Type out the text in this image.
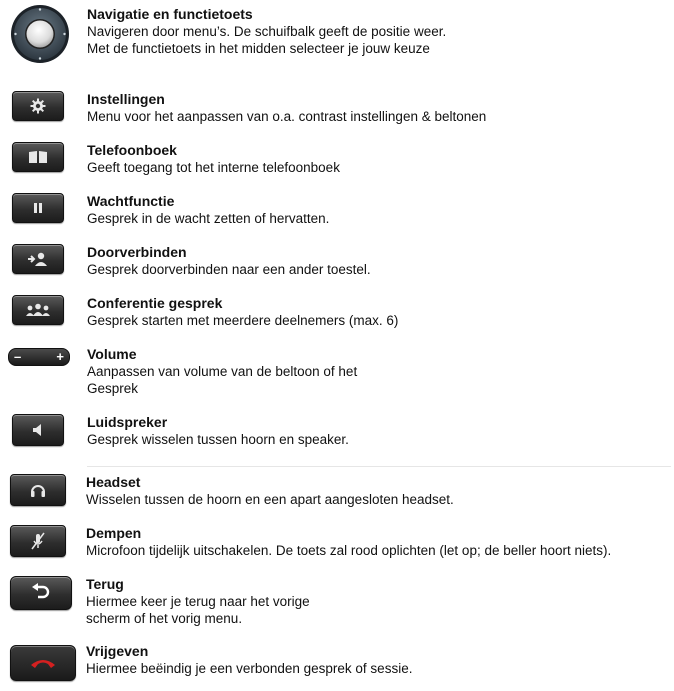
Navigatie en functietoets
Navigeren door menu’s. De schuifbalk geeft de positie weer.
Met de functietoets in het midden selecteer je jouw keuze
Instellingen
Menu voor het aanpassen van o.a. contrast instellingen & beltonen
Telefoonboek
Geeft toegang tot het interne telefoonboek
Wachtfunctie
Gesprek in de wacht zetten of hervatten.
Doorverbinden
Gesprek doorverbinden naar een ander toestel.
Conferentie gesprek
Gesprek starten met meerdere deelnemers (max. 6)
–	+ Volume
Aanpassen van volume van de beltoon of het
Gesprek
Luidspreker
Gesprek wisselen tussen hoorn en speaker.
Headset
Wisselen tussen de hoorn en een apart aangesloten headset.
Dempen
Microfoon tijdelijk uitschakelen. De toets zal rood oplichten (let op; de beller hoort niets).
Terug
Hiermee keer je terug naar het vorige
scherm of het vorig menu.
Vrijgeven
Hiermee beëindig je een verbonden gesprek of sessie.
